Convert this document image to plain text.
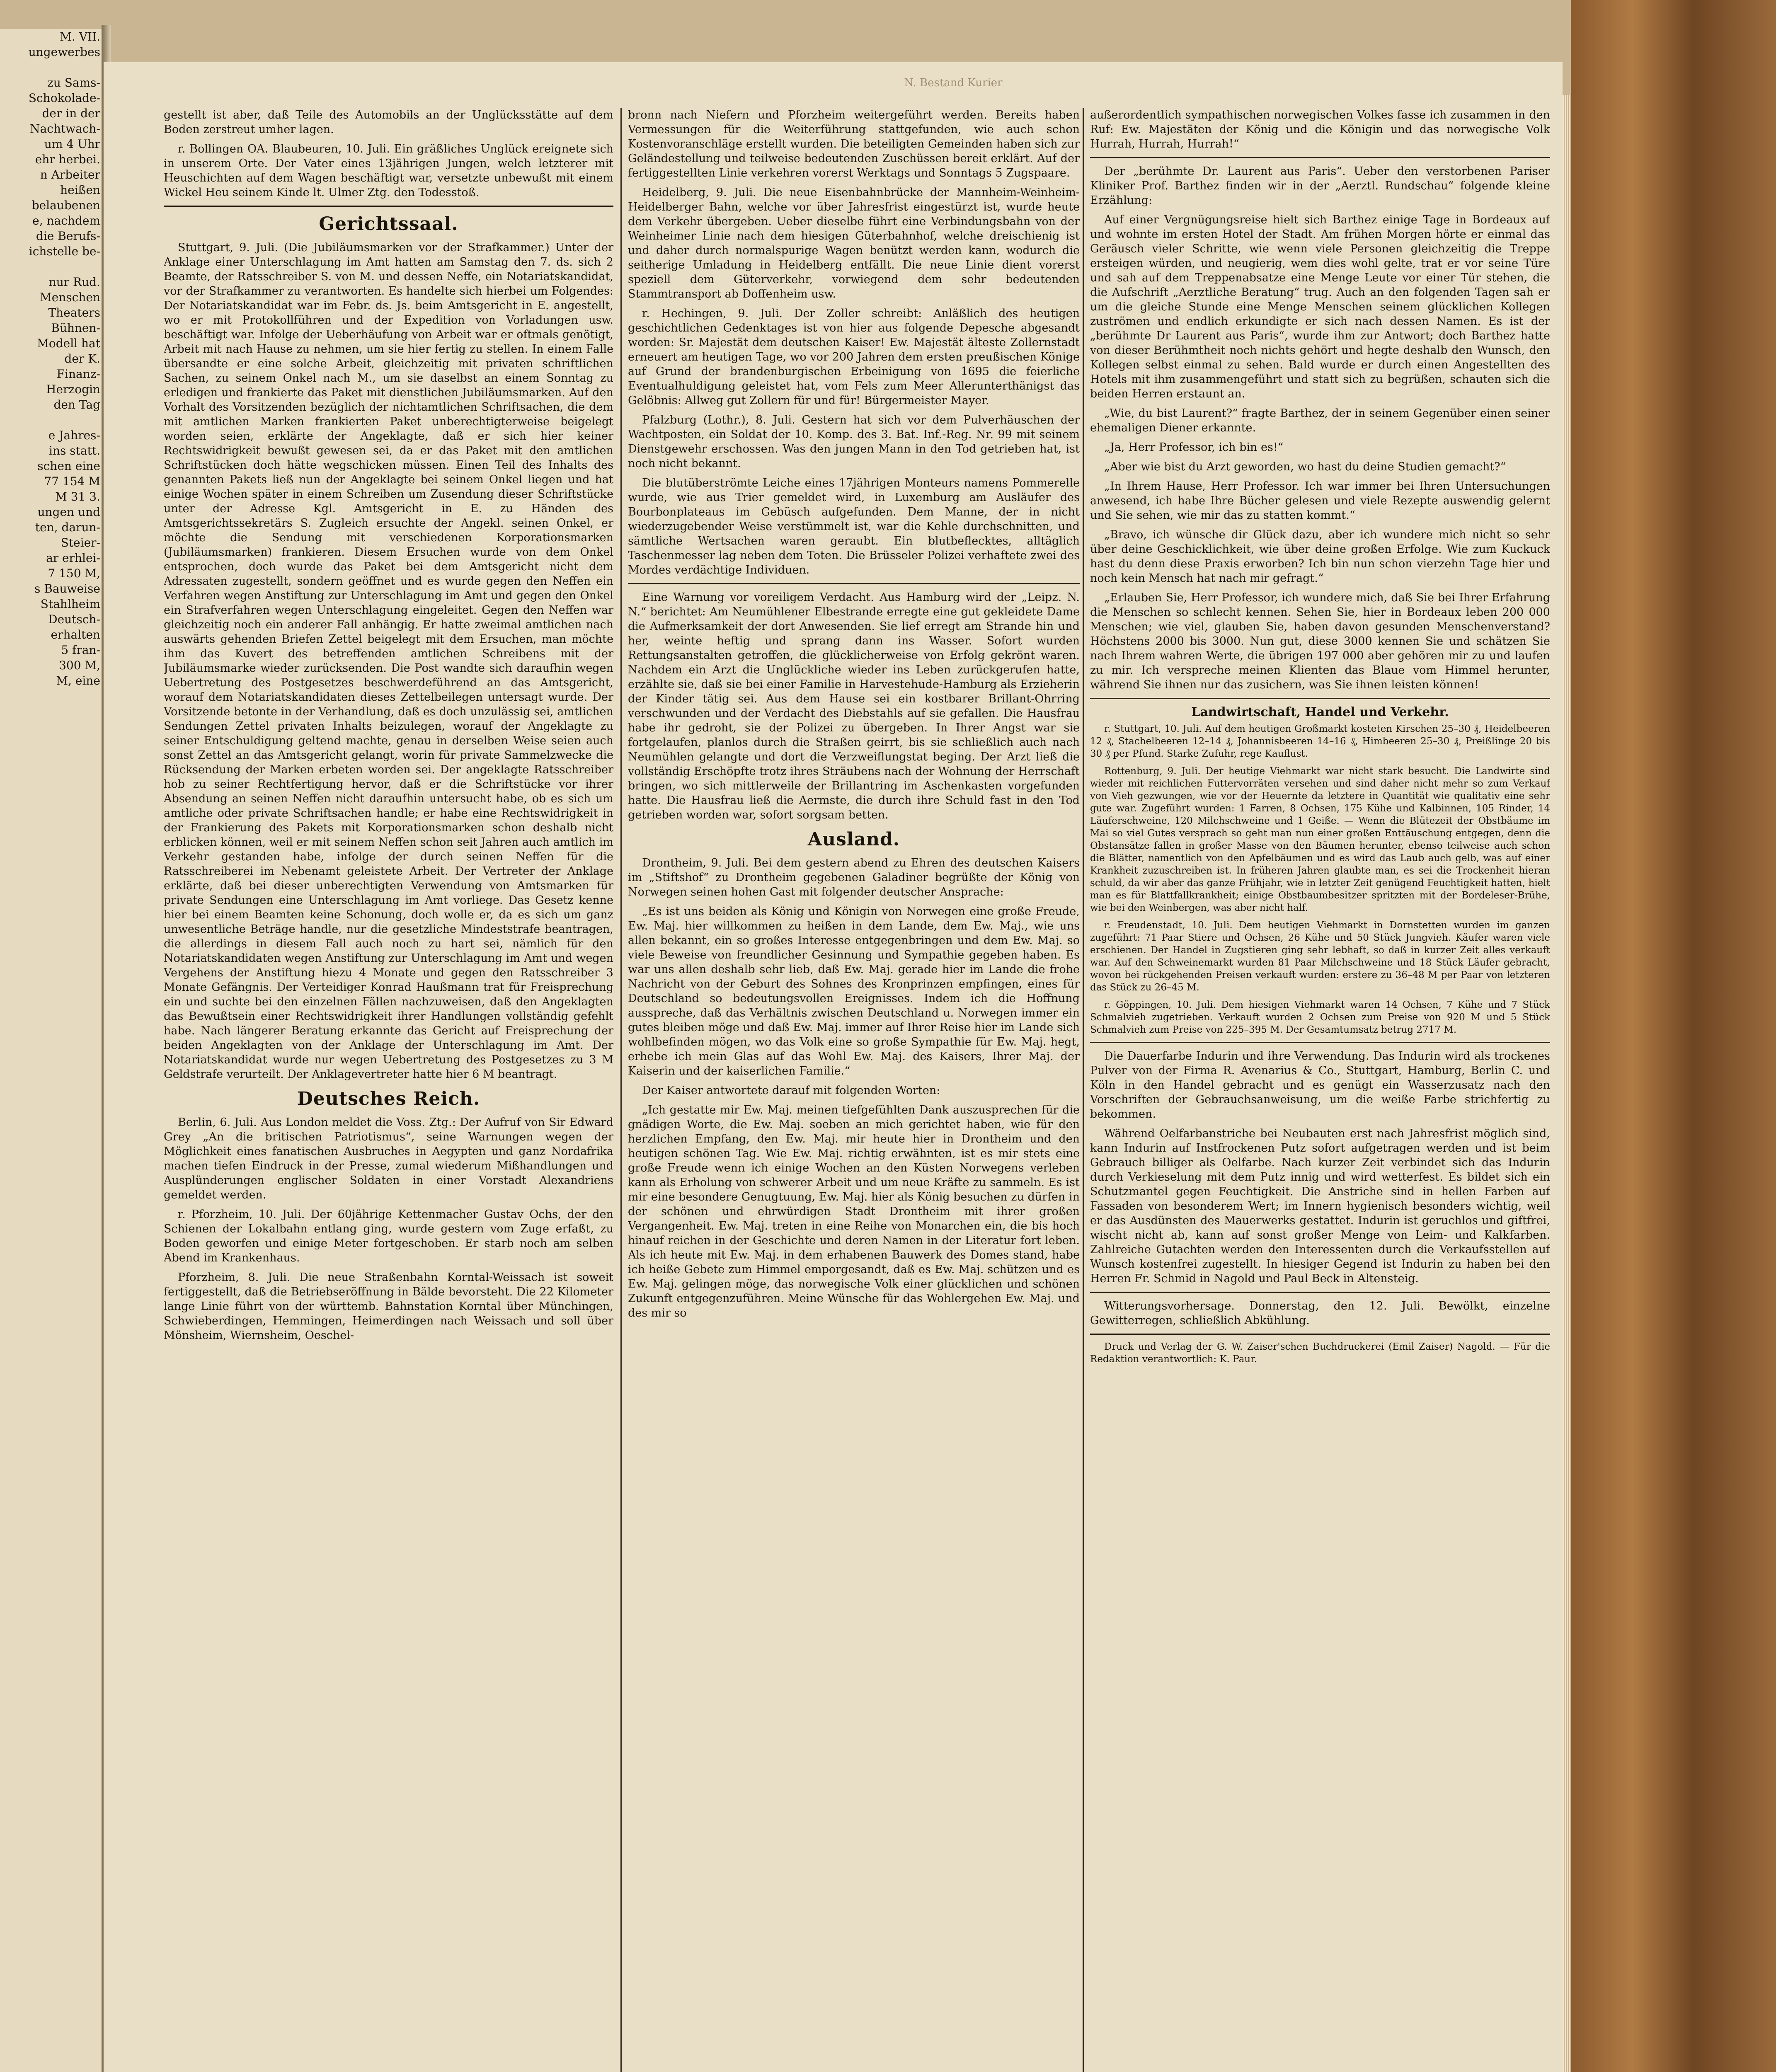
M. VII.
ungewerbes

zu Sams-
Schokolade-
der in der
Nachtwach-
um 4 Uhr
ehr herbei.
n Arbeiter
heißen
belaubenen
e, nachdem
die Berufs-
ichstelle be-

nur Rud.
Menschen
Theaters
Bühnen-
Modell hat
der K.
Finanz-
Herzogin
den Tag

e Jahres-
ins statt.
schen eine
77 154 M
M 31 3.
ungen und
ten, darun-
Steier-
ar erhlei-
7 150 M,
s Bauweise
Stahlheim
Deutsch-
erhalten
5 fran-
300 M,
M, eine
N. Bestand Kurier

gestellt ist aber, daß Teile des Automobils an der Unglücksstätte auf dem Boden zerstreut umher lagen.

r. Bollingen OA. Blaubeuren, 10. Juli. Ein gräßliches Unglück ereignete sich in unserem Orte. Der Vater eines 13jährigen Jungen, welch letzterer mit Heuschichten auf dem Wagen beschäftigt war, versetzte unbewußt mit einem Wickel Heu seinem Kinde lt. Ulmer Ztg. den Todesstoß.

Gerichtssaal.

Stuttgart, 9. Juli. (Die Jubiläumsmarken vor der Strafkammer.) Unter der Anklage einer Unterschlagung im Amt hatten am Samstag den 7. ds. sich 2 Beamte, der Ratsschreiber S. von M. und dessen Neffe, ein Notariatskandidat, vor der Strafkammer zu verantworten. Es handelte sich hierbei um Folgendes: Der Notariatskandidat war im Febr. ds. Js. beim Amtsgericht in E. angestellt, wo er mit Protokollführen und der Expedition von Vorladungen usw. beschäftigt war. Infolge der Ueberhäufung von Arbeit war er oftmals genötigt, Arbeit mit nach Hause zu nehmen, um sie hier fertig zu stellen. In einem Falle übersandte er eine solche Arbeit, gleichzeitig mit privaten schriftlichen Sachen, zu seinem Onkel nach M., um sie daselbst an einem Sonntag zu erledigen und frankierte das Paket mit dienstlichen Jubiläumsmarken. Auf den Vorhalt des Vorsitzenden bezüglich der nichtamtlichen Schriftsachen, die dem mit amtlichen Marken frankierten Paket unberechtigterweise beigelegt worden seien, erklärte der Angeklagte, daß er sich hier keiner Rechtswidrigkeit bewußt gewesen sei, da er das Paket mit den amtlichen Schriftstücken doch hätte wegschicken müssen. Einen Teil des Inhalts des genannten Pakets ließ nun der Angeklagte bei seinem Onkel liegen und hat einige Wochen später in einem Schreiben um Zusendung dieser Schriftstücke unter der Adresse Kgl. Amtsgericht in E. zu Händen des Amtsgerichtssekretärs S. Zugleich ersuchte der Angekl. seinen Onkel, er möchte die Sendung mit verschiedenen Korporationsmarken (Jubiläumsmarken) frankieren. Diesem Ersuchen wurde von dem Onkel entsprochen, doch wurde das Paket bei dem Amtsgericht nicht dem Adressaten zugestellt, sondern geöffnet und es wurde gegen den Neffen ein Verfahren wegen Anstiftung zur Unterschlagung im Amt und gegen den Onkel ein Strafverfahren wegen Unterschlagung eingeleitet. Gegen den Neffen war gleichzeitig noch ein anderer Fall anhängig. Er hatte zweimal amtlichen nach auswärts gehenden Briefen Zettel beigelegt mit dem Ersuchen, man möchte ihm das Kuvert des betreffenden amtlichen Schreibens mit der Jubiläumsmarke wieder zurücksenden. Die Post wandte sich daraufhin wegen Uebertretung des Postgesetzes beschwerdeführend an das Amtsgericht, worauf dem Notariatskandidaten dieses Zettelbeilegen untersagt wurde. Der Vorsitzende betonte in der Verhandlung, daß es doch unzulässig sei, amtlichen Sendungen Zettel privaten Inhalts beizulegen, worauf der Angeklagte zu seiner Entschuldigung geltend machte, genau in derselben Weise seien auch sonst Zettel an das Amtsgericht gelangt, worin für private Sammelzwecke die Rücksendung der Marken erbeten worden sei. Der angeklagte Ratsschreiber hob zu seiner Rechtfertigung hervor, daß er die Schriftstücke vor ihrer Absendung an seinen Neffen nicht daraufhin untersucht habe, ob es sich um amtliche oder private Schriftsachen handle; er habe eine Rechtswidrigkeit in der Frankierung des Pakets mit Korporationsmarken schon deshalb nicht erblicken können, weil er mit seinem Neffen schon seit Jahren auch amtlich im Verkehr gestanden habe, infolge der durch seinen Neffen für die Ratsschreiberei im Nebenamt geleistete Arbeit. Der Vertreter der Anklage erklärte, daß bei dieser unberechtigten Verwendung von Amtsmarken für private Sendungen eine Unterschlagung im Amt vorliege. Das Gesetz kenne hier bei einem Beamten keine Schonung, doch wolle er, da es sich um ganz unwesentliche Beträge handle, nur die gesetzliche Mindeststrafe beantragen, die allerdings in diesem Fall auch noch zu hart sei, nämlich für den Notariatskandidaten wegen Anstiftung zur Unterschlagung im Amt und wegen Vergehens der Anstiftung hiezu 4 Monate und gegen den Ratsschreiber 3 Monate Gefängnis. Der Verteidiger Konrad Haußmann trat für Freisprechung ein und suchte bei den einzelnen Fällen nachzuweisen, daß den Angeklagten das Bewußtsein einer Rechtswidrigkeit ihrer Handlungen vollständig gefehlt habe. Nach längerer Beratung erkannte das Gericht auf Freisprechung der beiden Angeklagten von der Anklage der Unterschlagung im Amt. Der Notariatskandidat wurde nur wegen Uebertretung des Postgesetzes zu 3 M Geldstrafe verurteilt. Der Anklagevertreter hatte hier 6 M beantragt.

Deutsches Reich.

Berlin, 6. Juli. Aus London meldet die Voss. Ztg.: Der Aufruf von Sir Edward Grey „An die britischen Patriotismus“, seine Warnungen wegen der Möglichkeit eines fanatischen Ausbruches in Aegypten und ganz Nordafrika machen tiefen Eindruck in der Presse, zumal wiederum Mißhandlungen und Ausplünderungen englischer Soldaten in einer Vorstadt Alexandriens gemeldet werden.

r. Pforzheim, 10. Juli. Der 60jährige Kettenmacher Gustav Ochs, der den Schienen der Lokalbahn entlang ging, wurde gestern vom Zuge erfaßt, zu Boden geworfen und einige Meter fortgeschoben. Er starb noch am selben Abend im Krankenhaus.

Pforzheim, 8. Juli. Die neue Straßenbahn Korntal-Weissach ist soweit fertiggestellt, daß die Betriebseröffnung in Bälde bevorsteht. Die 22 Kilometer lange Linie führt von der württemb. Bahnstation Korntal über Münchingen, Schwieberdingen, Hemmingen, Heimerdingen nach Weissach und soll über Mönsheim, Wiernsheim, Oeschel-

bronn nach Niefern und Pforzheim weitergeführt werden. Bereits haben Vermessungen für die Weiterführung stattgefunden, wie auch schon Kostenvoranschläge erstellt wurden. Die beteiligten Gemeinden haben sich zur Geländestellung und teilweise bedeutenden Zuschüssen bereit erklärt. Auf der fertiggestellten Linie verkehren vorerst Werktags und Sonntags 5 Zugspaare.

Heidelberg, 9. Juli. Die neue Eisenbahnbrücke der Mannheim-Weinheim-Heidelberger Bahn, welche vor über Jahresfrist eingestürzt ist, wurde heute dem Verkehr übergeben. Ueber dieselbe führt eine Verbindungsbahn von der Weinheimer Linie nach dem hiesigen Güterbahnhof, welche dreischienig ist und daher durch normalspurige Wagen benützt werden kann, wodurch die seitherige Umladung in Heidelberg entfällt. Die neue Linie dient vorerst speziell dem Güterverkehr, vorwiegend dem sehr bedeutenden Stammtransport ab Doffenheim usw.

r. Hechingen, 9. Juli. Der Zoller schreibt: Anläßlich des heutigen geschichtlichen Gedenktages ist von hier aus folgende Depesche abgesandt worden: Sr. Majestät dem deutschen Kaiser! Ew. Majestät älteste Zollernstadt erneuert am heutigen Tage, wo vor 200 Jahren dem ersten preußischen Könige auf Grund der brandenburgischen Erbeinigung von 1695 die feierliche Eventualhuldigung geleistet hat, vom Fels zum Meer Allerunterthänigst das Gelöbnis: Allweg gut Zollern für und für! Bürgermeister Mayer.

Pfalzburg (Lothr.), 8. Juli. Gestern hat sich vor dem Pulverhäuschen der Wachtposten, ein Soldat der 10. Komp. des 3. Bat. Inf.-Reg. Nr. 99 mit seinem Dienstgewehr erschossen. Was den jungen Mann in den Tod getrieben hat, ist noch nicht bekannt.

Die blutüberströmte Leiche eines 17jährigen Monteurs namens Pommerelle wurde, wie aus Trier gemeldet wird, in Luxemburg am Ausläufer des Bourbonplateaus im Gebüsch aufgefunden. Dem Manne, der in nicht wiederzugebender Weise verstümmelt ist, war die Kehle durchschnitten, und sämtliche Wertsachen waren geraubt. Ein blutbeflecktes, alltäglich Taschenmesser lag neben dem Toten. Die Brüsseler Polizei verhaftete zwei des Mordes verdächtige Individuen.

Eine Warnung vor voreiligem Verdacht. Aus Hamburg wird der „Leipz. N. N.“ berichtet: Am Neumühlener Elbestrande erregte eine gut gekleidete Dame die Aufmerksamkeit der dort Anwesenden. Sie lief erregt am Strande hin und her, weinte heftig und sprang dann ins Wasser. Sofort wurden Rettungsanstalten getroffen, die glücklicherweise von Erfolg gekrönt waren. Nachdem ein Arzt die Unglückliche wieder ins Leben zurückgerufen hatte, erzählte sie, daß sie bei einer Familie in Harvestehude-Hamburg als Erzieherin der Kinder tätig sei. Aus dem Hause sei ein kostbarer Brillant-Ohrring verschwunden und der Verdacht des Diebstahls auf sie gefallen. Die Hausfrau habe ihr gedroht, sie der Polizei zu übergeben. In Ihrer Angst war sie fortgelaufen, planlos durch die Straßen geirrt, bis sie schließlich auch nach Neumühlen gelangte und dort die Verzweiflungstat beging. Der Arzt ließ die vollständig Erschöpfte trotz ihres Sträubens nach der Wohnung der Herrschaft bringen, wo sich mittlerweile der Brillantring im Aschenkasten vorgefunden hatte. Die Hausfrau ließ die Aermste, die durch ihre Schuld fast in den Tod getrieben worden war, sofort sorgsam betten.

Ausland.

Drontheim, 9. Juli. Bei dem gestern abend zu Ehren des deutschen Kaisers im „Stiftshof“ zu Drontheim gegebenen Galadiner begrüßte der König von Norwegen seinen hohen Gast mit folgender deutscher Ansprache:

„Es ist uns beiden als König und Königin von Norwegen eine große Freude, Ew. Maj. hier willkommen zu heißen in dem Lande, dem Ew. Maj., wie uns allen bekannt, ein so großes Interesse entgegenbringen und dem Ew. Maj. so viele Beweise von freundlicher Gesinnung und Sympathie gegeben haben. Es war uns allen deshalb sehr lieb, daß Ew. Maj. gerade hier im Lande die frohe Nachricht von der Geburt des Sohnes des Kronprinzen empfingen, eines für Deutschland so bedeutungsvollen Ereignisses. Indem ich die Hoffnung ausspreche, daß das Verhältnis zwischen Deutschland u. Norwegen immer ein gutes bleiben möge und daß Ew. Maj. immer auf Ihrer Reise hier im Lande sich wohlbefinden mögen, wo das Volk eine so große Sympathie für Ew. Maj. hegt, erhebe ich mein Glas auf das Wohl Ew. Maj. des Kaisers, Ihrer Maj. der Kaiserin und der kaiserlichen Familie.“

Der Kaiser antwortete darauf mit folgenden Worten:

„Ich gestatte mir Ew. Maj. meinen tiefgefühlten Dank auszusprechen für die gnädigen Worte, die Ew. Maj. soeben an mich gerichtet haben, wie für den herzlichen Empfang, den Ew. Maj. mir heute hier in Drontheim und den heutigen schönen Tag. Wie Ew. Maj. richtig erwähnten, ist es mir stets eine große Freude wenn ich einige Wochen an den Küsten Norwegens verleben kann als Erholung von schwerer Arbeit und um neue Kräfte zu sammeln. Es ist mir eine besondere Genugtuung, Ew. Maj. hier als König besuchen zu dürfen in der schönen und ehrwürdigen Stadt Drontheim mit ihrer großen Vergangenheit. Ew. Maj. treten in eine Reihe von Monarchen ein, die bis hoch hinauf reichen in der Geschichte und deren Namen in der Literatur fort leben. Als ich heute mit Ew. Maj. in dem erhabenen Bauwerk des Domes stand, habe ich heiße Gebete zum Himmel emporgesandt, daß es Ew. Maj. schützen und es Ew. Maj. gelingen möge, das norwegische Volk einer glücklichen und schönen Zukunft entgegenzuführen. Meine Wünsche für das Wohlergehen Ew. Maj. und des mir so

außerordentlich sympathischen norwegischen Volkes fasse ich zusammen in den Ruf: Ew. Majestäten der König und die Königin und das norwegische Volk Hurrah, Hurrah, Hurrah!“

Der „berühmte Dr. Laurent aus Paris“. Ueber den verstorbenen Pariser Kliniker Prof. Barthez finden wir in der „Aerztl. Rundschau“ folgende kleine Erzählung:

Auf einer Vergnügungsreise hielt sich Barthez einige Tage in Bordeaux auf und wohnte im ersten Hotel der Stadt. Am frühen Morgen hörte er einmal das Geräusch vieler Schritte, wie wenn viele Personen gleichzeitig die Treppe ersteigen würden, und neugierig, wem dies wohl gelte, trat er vor seine Türe und sah auf dem Treppenabsatze eine Menge Leute vor einer Tür stehen, die die Aufschrift „Aerztliche Beratung“ trug. Auch an den folgenden Tagen sah er um die gleiche Stunde eine Menge Menschen seinem glücklichen Kollegen zuströmen und endlich erkundigte er sich nach dessen Namen. Es ist der „berühmte Dr Laurent aus Paris“, wurde ihm zur Antwort; doch Barthez hatte von dieser Berühmtheit noch nichts gehört und hegte deshalb den Wunsch, den Kollegen selbst einmal zu sehen. Bald wurde er durch einen Angestellten des Hotels mit ihm zusammengeführt und statt sich zu begrüßen, schauten sich die beiden Herren erstaunt an.

„Wie, du bist Laurent?“ fragte Barthez, der in seinem Gegenüber einen seiner ehemaligen Diener erkannte.

„Ja, Herr Professor, ich bin es!“

„Aber wie bist du Arzt geworden, wo hast du deine Studien gemacht?“

„In Ihrem Hause, Herr Professor. Ich war immer bei Ihren Untersuchungen anwesend, ich habe Ihre Bücher gelesen und viele Rezepte auswendig gelernt und Sie sehen, wie mir das zu statten kommt.“

„Bravo, ich wünsche dir Glück dazu, aber ich wundere mich nicht so sehr über deine Geschicklichkeit, wie über deine großen Erfolge. Wie zum Kuckuck hast du denn diese Praxis erworben? Ich bin nun schon vierzehn Tage hier und noch kein Mensch hat nach mir gefragt.“

„Erlauben Sie, Herr Professor, ich wundere mich, daß Sie bei Ihrer Erfahrung die Menschen so schlecht kennen. Sehen Sie, hier in Bordeaux leben 200 000 Menschen; wie viel, glauben Sie, haben davon gesunden Menschenverstand? Höchstens 2000 bis 3000. Nun gut, diese 3000 kennen Sie und schätzen Sie nach Ihrem wahren Werte, die übrigen 197 000 aber gehören mir zu und laufen zu mir. Ich verspreche meinen Klienten das Blaue vom Himmel herunter, während Sie ihnen nur das zusichern, was Sie ihnen leisten können!

Landwirtschaft, Handel und Verkehr.

r. Stuttgart, 10. Juli. Auf dem heutigen Großmarkt kosteten Kirschen 25–30 ₰, Heidelbeeren 12 ₰, Stachelbeeren 12–14 ₰, Johannisbeeren 14–16 ₰, Himbeeren 25–30 ₰, Preißlinge 20 bis 30 ₰ per Pfund. Starke Zufuhr, rege Kauflust.

Rottenburg, 9. Juli. Der heutige Viehmarkt war nicht stark besucht. Die Landwirte sind wieder mit reichlichen Futtervorräten versehen und sind daher nicht mehr so zum Verkauf von Vieh gezwungen, wie vor der Heuernte da letztere in Quantität wie qualitativ eine sehr gute war. Zugeführt wurden: 1 Farren, 8 Ochsen, 175 Kühe und Kalbinnen, 105 Rinder, 14 Läuferschweine, 120 Milchschweine und 1 Geiße. — Wenn die Blütezeit der Obstbäume im Mai so viel Gutes versprach so geht man nun einer großen Enttäuschung entgegen, denn die Obstansätze fallen in großer Masse von den Bäumen herunter, ebenso teilweise auch schon die Blätter, namentlich von den Apfelbäumen und es wird das Laub auch gelb, was auf einer Krankheit zuzuschreiben ist. In früheren Jahren glaubte man, es sei die Trockenheit hieran schuld, da wir aber das ganze Frühjahr, wie in letzter Zeit genügend Feuchtigkeit hatten, hielt man es für Blattfallkrankheit; einige Obstbaumbesitzer spritzten mit der Bordeleser-Brühe, wie bei den Weinbergen, was aber nicht half.

r. Freudenstadt, 10. Juli. Dem heutigen Viehmarkt in Dornstetten wurden im ganzen zugeführt: 71 Paar Stiere und Ochsen, 26 Kühe und 50 Stück Jungvieh. Käufer waren viele erschienen. Der Handel in Zugstieren ging sehr lebhaft, so daß in kurzer Zeit alles verkauft war. Auf den Schweinemarkt wurden 81 Paar Milchschweine und 18 Stück Läufer gebracht, wovon bei rückgehenden Preisen verkauft wurden: erstere zu 36–48 M per Paar von letzteren das Stück zu 26–45 M.

r. Göppingen, 10. Juli. Dem hiesigen Viehmarkt waren 14 Ochsen, 7 Kühe und 7 Stück Schmalvieh zugetrieben. Verkauft wurden 2 Ochsen zum Preise von 920 M und 5 Stück Schmalvieh zum Preise von 225–395 M. Der Gesamtumsatz betrug 2717 M.

Die Dauerfarbe Indurin und ihre Verwendung. Das Indurin wird als trockenes Pulver von der Firma R. Avenarius & Co., Stuttgart, Hamburg, Berlin C. und Köln in den Handel gebracht und es genügt ein Wasserzusatz nach den Vorschriften der Gebrauchsanweisung, um die weiße Farbe strichfertig zu bekommen.

Während Oelfarbanstriche bei Neubauten erst nach Jahresfrist möglich sind, kann Indurin auf Instfrockenen Putz sofort aufgetragen werden und ist beim Gebrauch billiger als Oelfarbe. Nach kurzer Zeit verbindet sich das Indurin durch Verkieselung mit dem Putz innig und wird wetterfest. Es bildet sich ein Schutzmantel gegen Feuchtigkeit. Die Anstriche sind in hellen Farben auf Fassaden von besonderem Wert; im Innern hygienisch besonders wichtig, weil er das Ausdünsten des Mauerwerks gestattet. Indurin ist geruchlos und giftfrei, wischt nicht ab, kann auf sonst großer Menge von Leim- und Kalkfarben. Zahlreiche Gutachten werden den Interessenten durch die Verkaufsstellen auf Wunsch kostenfrei zugestellt. In hiesiger Gegend ist Indurin zu haben bei den Herren Fr. Schmid in Nagold und Paul Beck in Altensteig.

Witterungsvorhersage. Donnerstag, den 12. Juli. Bewölkt, einzelne Gewitterregen, schließlich Abkühlung.

Druck und Verlag der G. W. Zaiser'schen Buchdruckerei (Emil Zaiser) Nagold. — Für die Redaktion verantwortlich: K. Paur.
